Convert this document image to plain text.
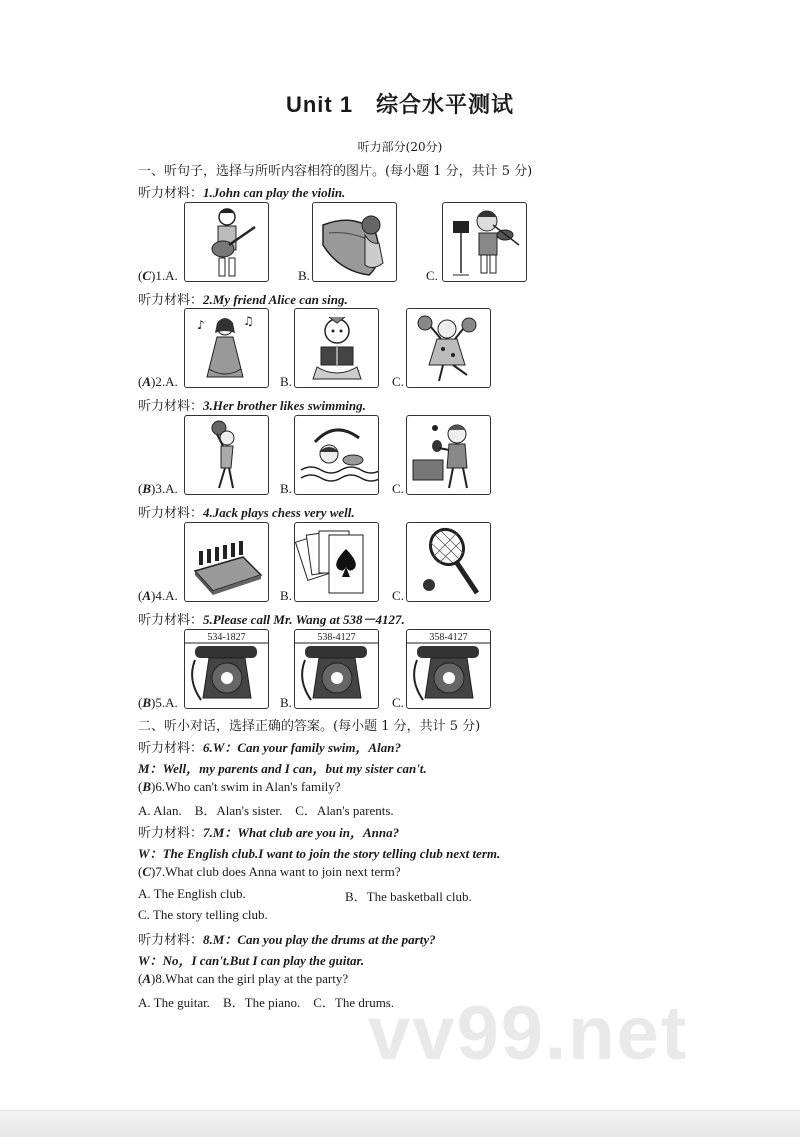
Unit 1　综合水平测试
听力部分(20分)
一、听句子，选择与所听内容相符的图片。(每小题 1 分，共计 5 分)
听力材料：1.John can play the violin.
(C)1.A.	B.	C.
听力材料：2.My friend Alice can sing.
(A)2.A.
♪	♫
B.	C.
听力材料：3.Her brother likes swimming.
(B)3.A.	B.	C.
听力材料：4.Jack plays chess very well.
(A)4.A.	B.	C.
听力材料：5.Please call Mr. Wang at 538－4127.
(B)5.A.
534-1827
B.
538-4127
C.
358-4127
二、听小对话，选择正确的答案。(每小题 1 分，共计 5 分)
听力材料：6.W：Can your family swim，Alan?
M：Well，my parents and I can，but my sister can't.
(B)6.Who can't swim in Alan's family?
A. Alan.　B．Alan's sister.　C．Alan's parents.
听力材料：7.M：What club are you in，Anna?
W：The English club.I want to join the story telling club next term.
(C)7.What club does Anna want to join next term?
A. The English club.	B．The basketball club.
C. The story telling club.
听力材料：8.M：Can you play the drums at the party?
W：No，I can't.But I can play the guitar.
(A)8.What can the girl play at the party?
A. The guitar.　B．The piano.　C．The drums.
vv99.net
